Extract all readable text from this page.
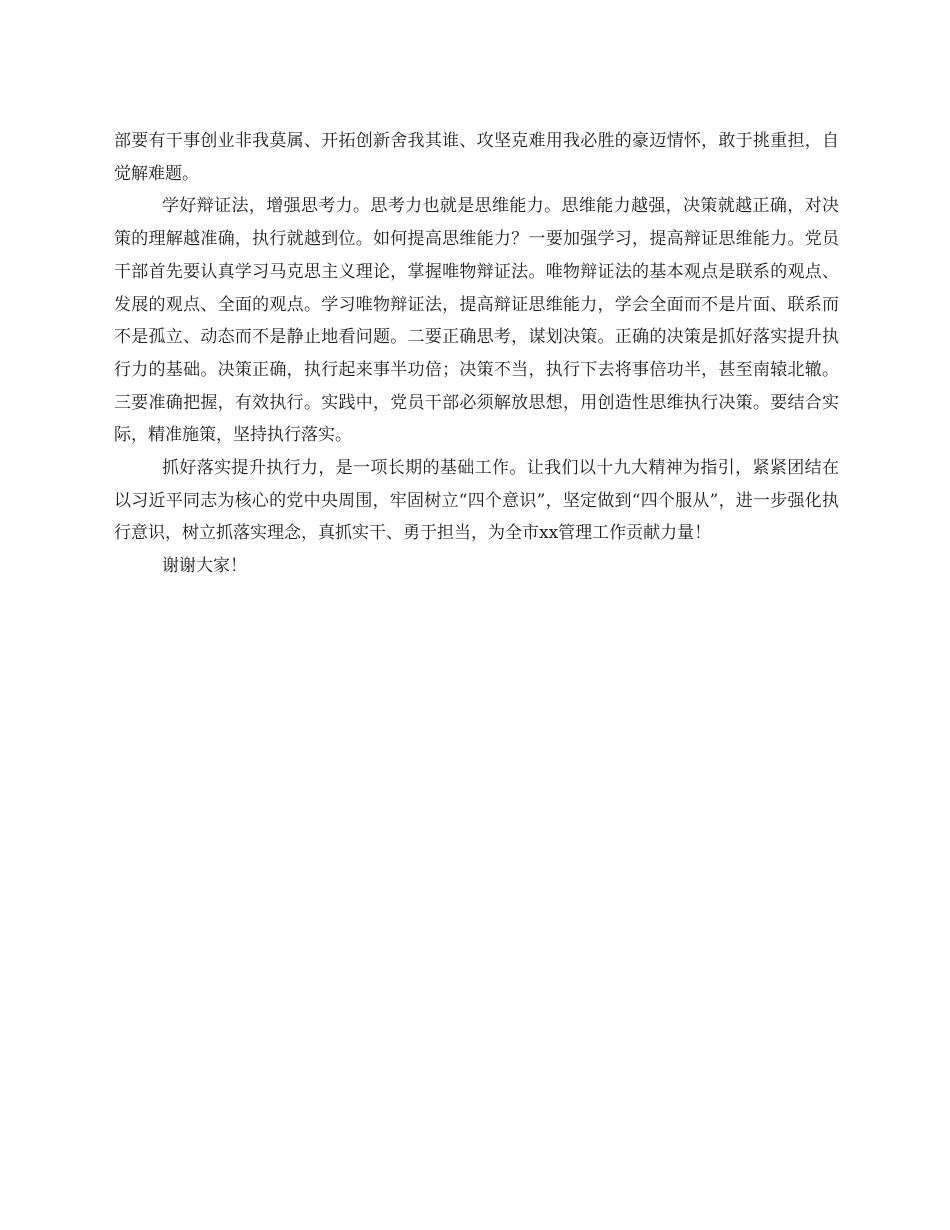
部要有干事创业非我莫属、开拓创新舍我其谁、攻坚克难用我必胜的豪迈情怀，敢于挑重担，自觉解难题。

学好辩证法，增强思考力。思考力也就是思维能力。思维能力越强，决策就越正确，对决策的理解越准确，执行就越到位。如何提高思维能力？一要加强学习，提高辩证思维能力。党员干部首先要认真学习马克思主义理论，掌握唯物辩证法。唯物辩证法的基本观点是联系的观点、发展的观点、全面的观点。学习唯物辩证法，提高辩证思维能力，学会全面而不是片面、联系而不是孤立、动态而不是静止地看问题。二要正确思考，谋划决策。正确的决策是抓好落实提升执行力的基础。决策正确，执行起来事半功倍；决策不当，执行下去将事倍功半，甚至南辕北辙。三要准确把握，有效执行。实践中，党员干部必须解放思想，用创造性思维执行决策。要结合实际，精准施策，坚持执行落实。

抓好落实提升执行力，是一项长期的基础工作。让我们以十九大精神为指引，紧紧团结在以习近平同志为核心的党中央周围，牢固树立“四个意识”，坚定做到“四个服从”，进一步强化执行意识，树立抓落实理念，真抓实干、勇于担当，为全市xx管理工作贡献力量！

谢谢大家！
